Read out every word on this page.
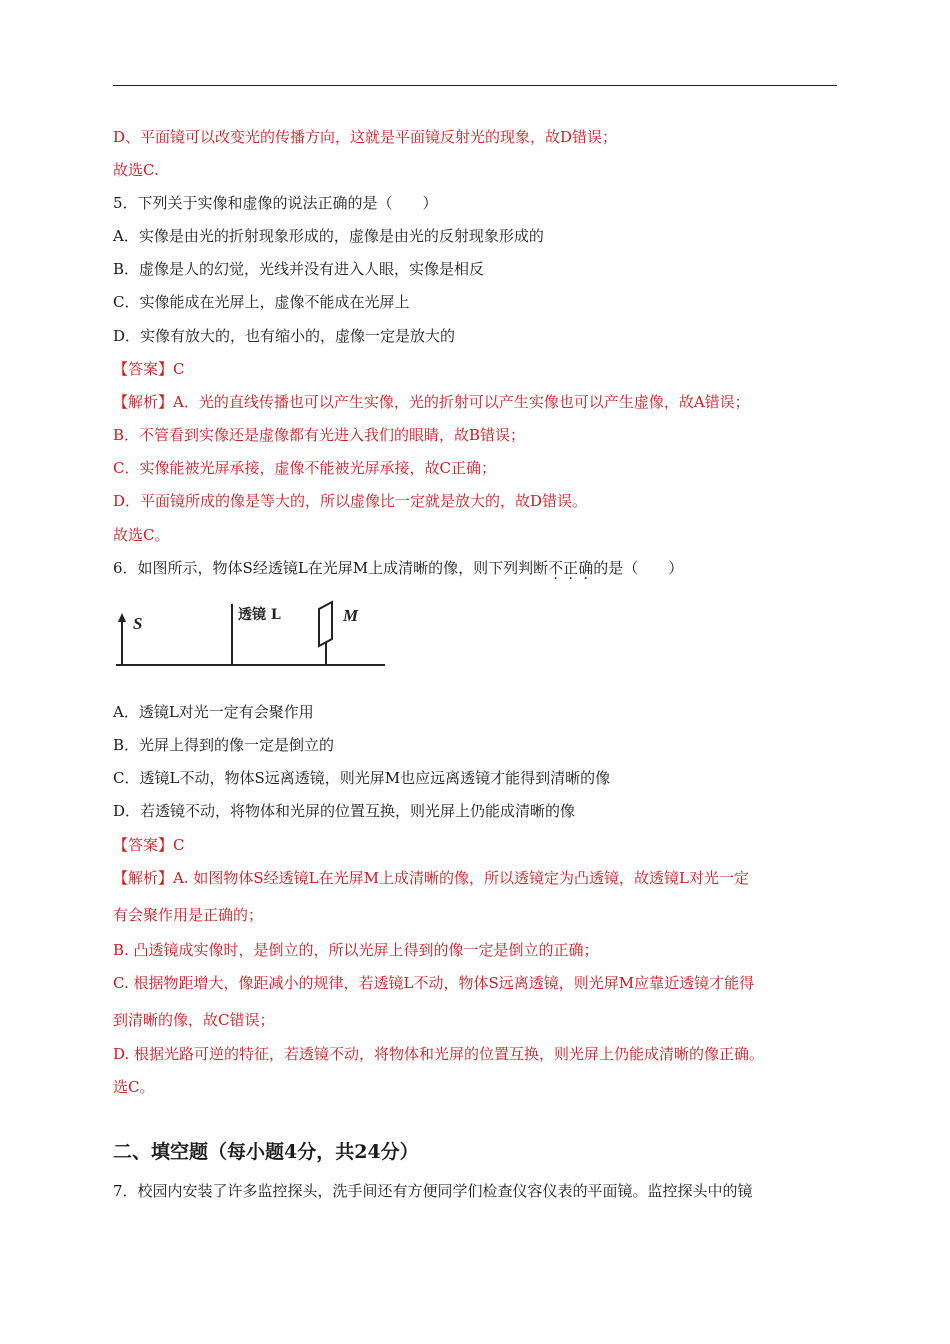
D、平面镜可以改变光的传播方向，这就是平面镜反射光的现象，故D错误；
故选C.
5．下列关于实像和虚像的说法正确的是（　　）
A．实像是由光的折射现象形成的，虚像是由光的反射现象形成的
B．虚像是人的幻觉，光线并没有进入人眼，实像是相反
C．实像能成在光屏上，虚像不能成在光屏上
D．实像有放大的，也有缩小的，虚像一定是放大的
【答案】C
【解析】A．光的直线传播也可以产生实像，光的折射可以产生实像也可以产生虚像，故A错误；
B．不管看到实像还是虚像都有光进入我们的眼睛，故B错误；
C．实像能被光屏承接，虚像不能被光屏承接，故C正确；
D．平面镜所成的像是等大的，所以虚像比一定就是放大的，故D错误。
故选C。
6．如图所示，物体S经透镜L在光屏M上成清晰的像，则下列判断不正确的是（　　）
S	透镜 L	M
A．透镜L对光一定有会聚作用
B．光屏上得到的像一定是倒立的
C．透镜L不动，物体S远离透镜，则光屏M也应远离透镜才能得到清晰的像
D．若透镜不动，将物体和光屏的位置互换，则光屏上仍能成清晰的像
【答案】C
【解析】A. 如图物体S经透镜L在光屏M上成清晰的像，所以透镜定为凸透镜，故透镜L对光一定
有会聚作用是正确的；
B. 凸透镜成实像时，是倒立的，所以光屏上得到的像一定是倒立的正确；
C. 根据物距增大，像距减小的规律，若透镜L不动，物体S远离透镜，则光屏M应靠近透镜才能得
到清晰的像，故C错误；
D. 根据光路可逆的特征，若透镜不动，将物体和光屏的位置互换，则光屏上仍能成清晰的像正确。
选C。
二、填空题（每小题4分，共24分）
7．校园内安装了许多监控探头，洗手间还有方便同学们检查仪容仪表的平面镜。监控探头中的镜
